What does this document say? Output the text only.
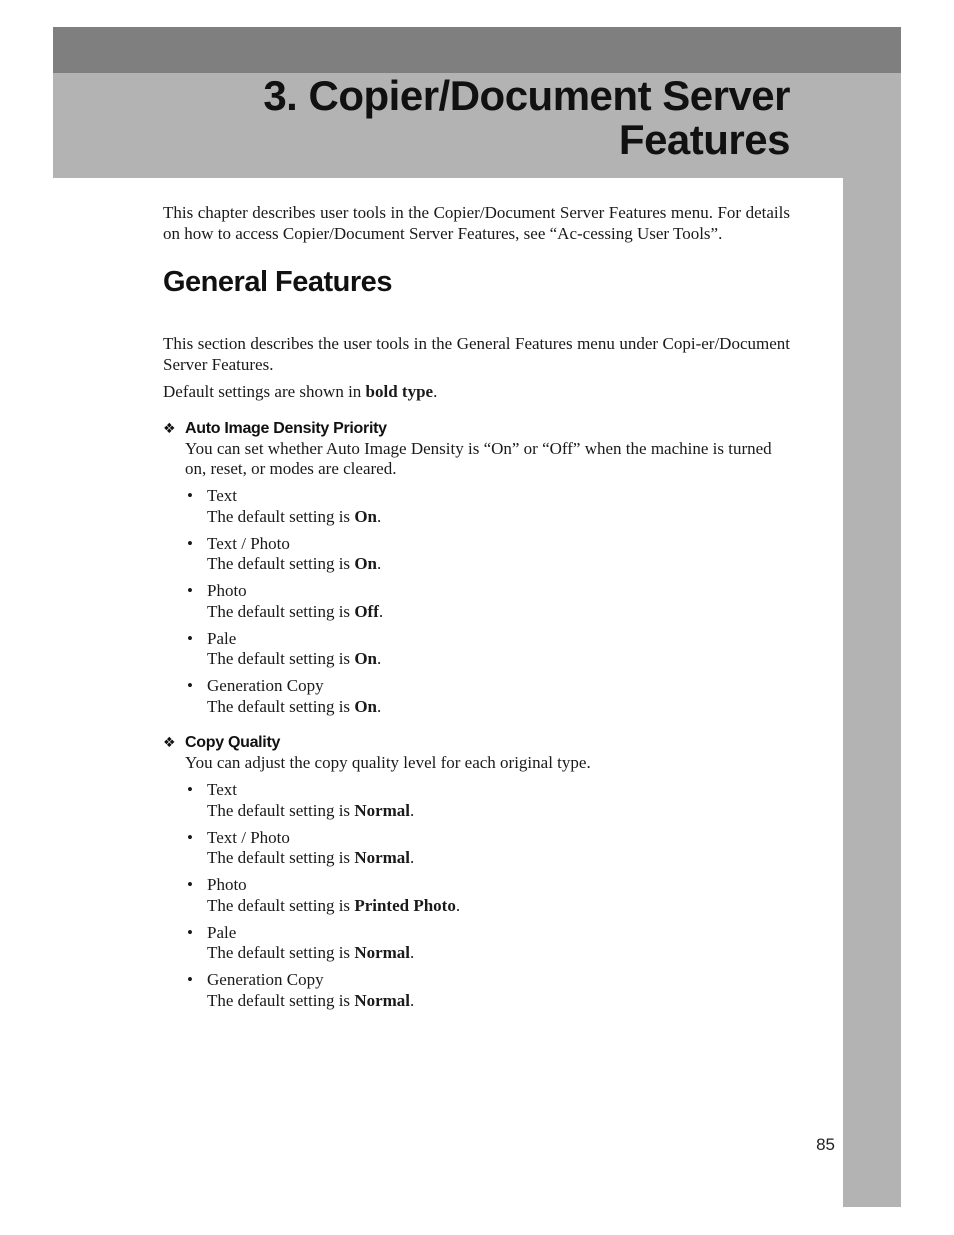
3. Copier/Document Server
Features

This chapter describes user tools in the Copier/Document Server Features menu. For details on how to access Copier/Document Server Features, see “Ac-cessing User Tools”.

General Features

This section describes the user tools in the General Features menu under Copi-er/Document Server Features.

Default settings are shown in bold type.

❖ Auto Image Density Priority

You can set whether Auto Image Density is “On” or “Off” when the machine is turned on, reset, or modes are cleared.

• Text
The default setting is On.
• Text / Photo
The default setting is On.
• Photo
The default setting is Off.
• Pale
The default setting is On.
• Generation Copy
The default setting is On.
❖ Copy Quality

You can adjust the copy quality level for each original type.

• Text
The default setting is Normal.
• Text / Photo
The default setting is Normal.
• Photo
The default setting is Printed Photo.
• Pale
The default setting is Normal.
• Generation Copy
The default setting is Normal.
85
